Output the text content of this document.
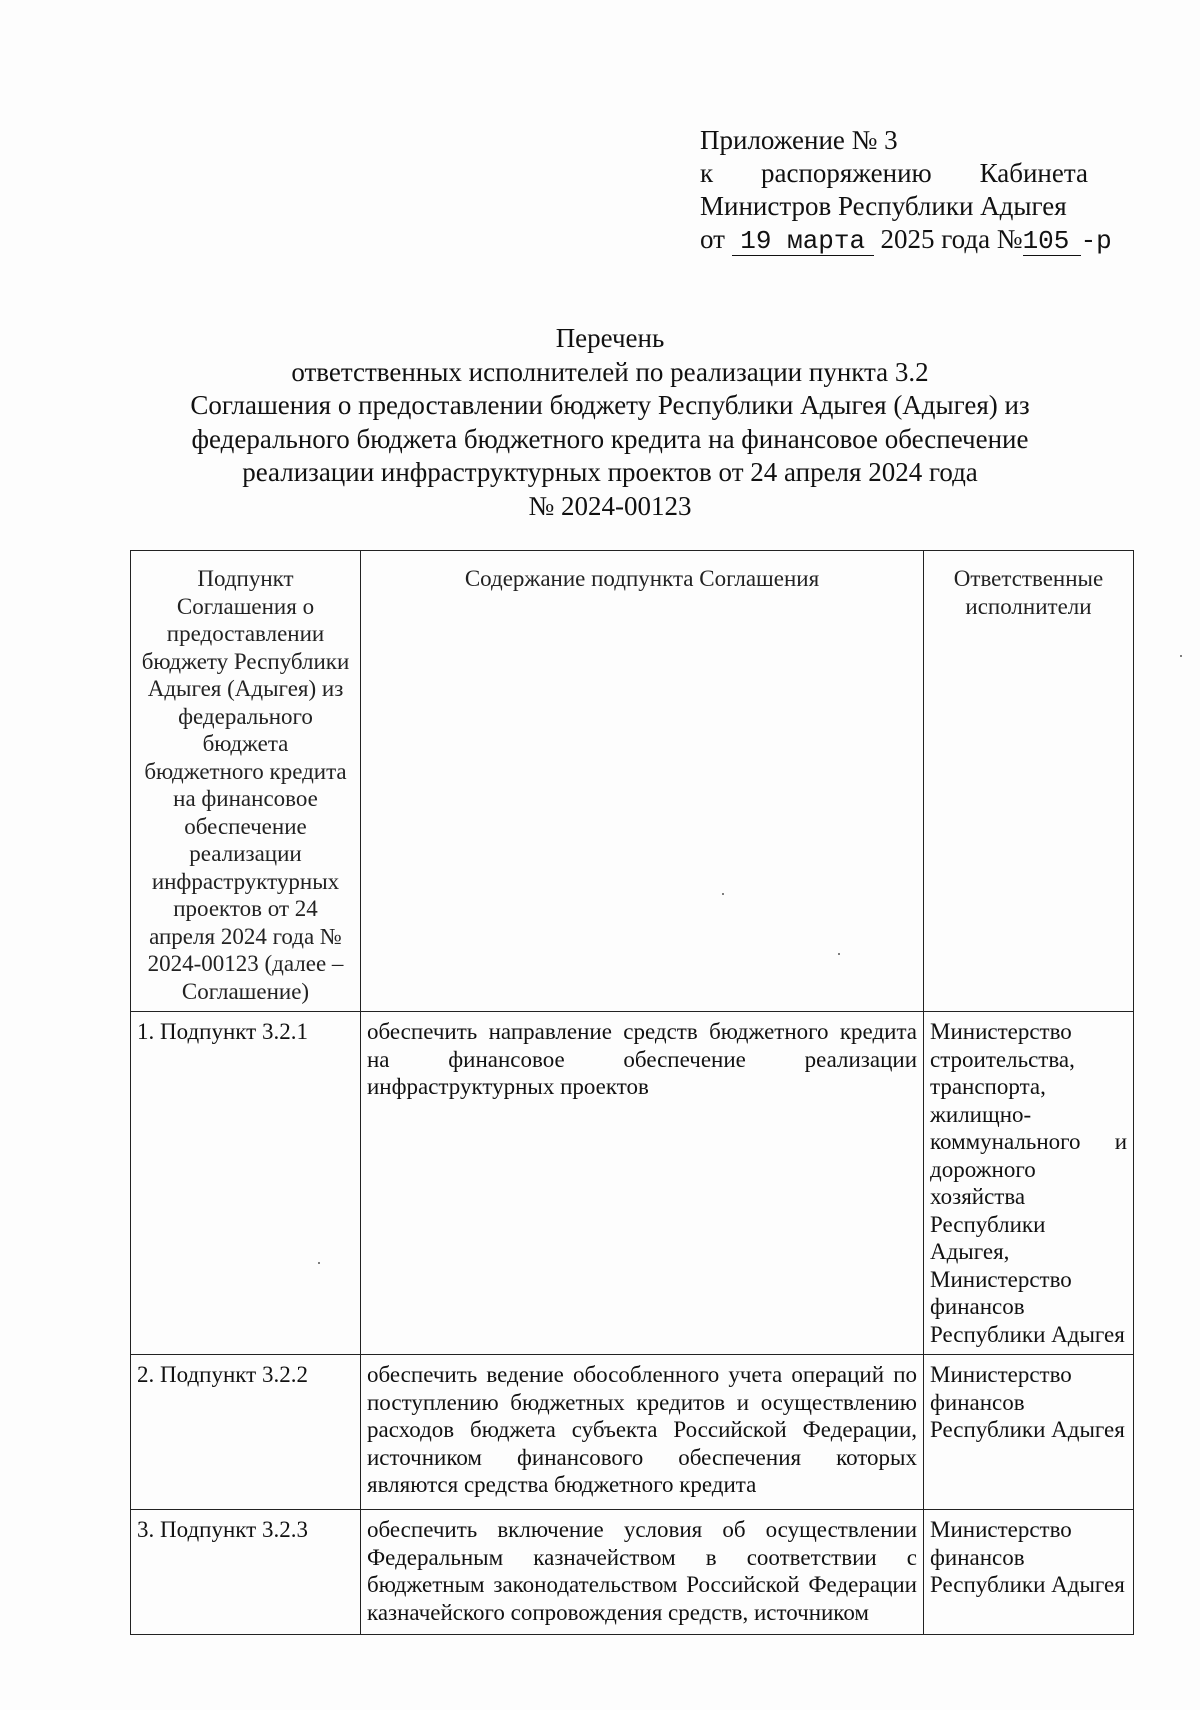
Приложение № 3
к распоряжению Кабинета
Министров Республики Адыгея
от 19 марта 2025 года №105 -р
Перечень
ответственных исполнителей по реализации пункта 3.2
Соглашения о предоставлении бюджету Республики Адыгея (Адыгея) из
федерального бюджета бюджетного кредита на финансовое обеспечение
реализации инфраструктурных проектов от 24 апреля 2024 года
№ 2024-00123
Подпункт Соглашения о предоставлении бюджету Республики Адыгея (Адыгея) из федерального бюджета бюджетного кредита на финансовое обеспечение реализации инфраструктурных проектов от 24 апреля 2024 года № 2024-00123 (далее – Соглашение)	Содержание подпункта Соглашения	Ответственные исполнители
1. Подпункт 3.2.1	обеспечить направление средств бюджетного кредита на финансовое обеспечение реализации инфраструктурных проектов	Министерство строительства, транспорта, жилищно-коммунального и дорожного хозяйства Республики Адыгея, Министерство финансов Республики Адыгея
2. Подпункт 3.2.2	обеспечить ведение обособленного учета операций по поступлению бюджетных кредитов и осуществлению расходов бюджета субъекта Российской Федерации, источником финансового обеспечения которых являются средства бюджетного кредита	Министерство финансов Республики Адыгея
3. Подпункт 3.2.3	обеспечить включение условия об осуществлении Федеральным казначейством в соответствии с бюджетным законодательством Российской Федерации казначейского сопровождения средств, источником	Министерство финансов Республики Адыгея
